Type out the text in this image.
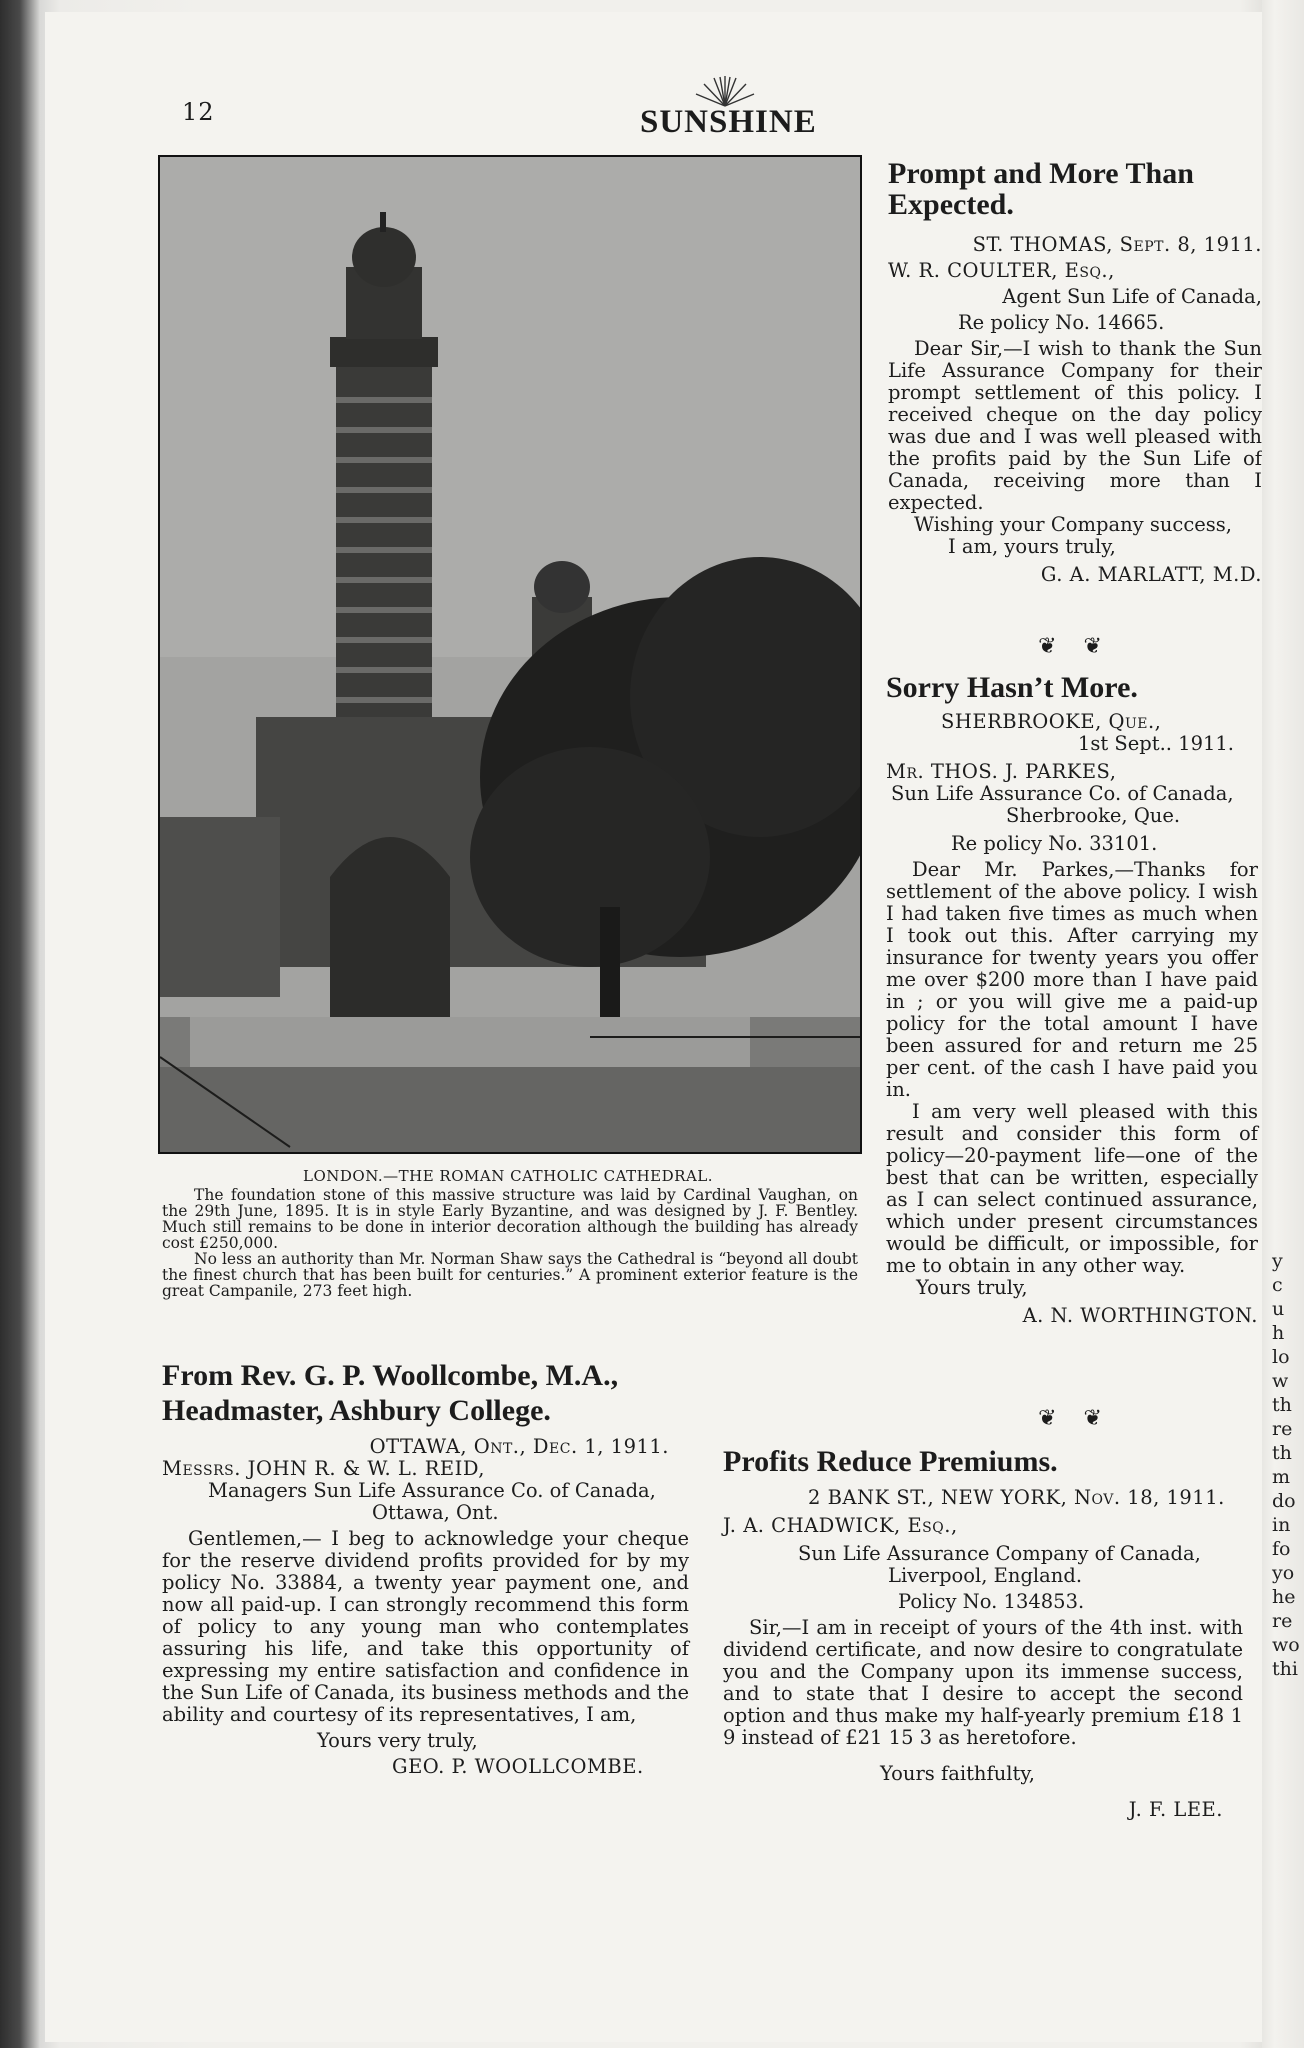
12	SUNSHINE
LONDON.—THE ROMAN CATHOLIC CATHEDRAL.

The foundation stone of this massive structure was laid by Cardinal Vaughan, on the 29th June, 1895. It is in style Early Byzantine, and was designed by J. F. Bentley. Much still remains to be done in interior decoration although the building has already cost £250,000.

No less an authority than Mr. Norman Shaw says the Cathedral is “beyond all doubt the finest church that has been built for centuries.” A prominent exterior feature is the great Campanile, 273 feet high.

Prompt and More Than Expected.

ST. THOMAS, Sept. 8, 1911.

W. R. COULTER, Esq.,

Agent Sun Life of Canada,

Re policy No. 14665.

Dear Sir,—I wish to thank the Sun Life Assurance Company for their prompt settlement of this policy. I received cheque on the day policy was due and I was well pleased with the profits paid by the Sun Life of Canada, receiving more than I expected.

Wishing your Company success,

I am, yours truly,

G. A. MARLATT, M.D.

❦ ❦
Sorry Hasn’t More.

SHERBROOKE, Que.,

1st Sept.. 1911.

Mr. THOS. J. PARKES,

Sun Life Assurance Co. of Canada,

Sherbrooke, Que.

Re policy No. 33101.

Dear Mr. Parkes,—Thanks for settlement of the above policy. I wish I had taken five times as much when I took out this. After carrying my insurance for twenty years you offer me over $200 more than I have paid in ; or you will give me a paid-up policy for the total amount I have been assured for and return me 25 per cent. of the cash I have paid you in.

I am very well pleased with this result and consider this form of policy—20-payment life—one of the best that can be written, especially as I can select continued assurance, which under present circumstances would be difficult, or impossible, for me to obtain in any other way.

Yours truly,

A. N. WORTHINGTON.

❦ ❦
From Rev. G. P. Woollcombe, M.A.,
Headmaster, Ashbury College.

OTTAWA, Ont., Dec. 1, 1911.

Messrs. JOHN R. & W. L. REID,

Managers Sun Life Assurance Co. of Canada,

Ottawa, Ont.

Gentlemen,— I beg to acknowledge your cheque for the reserve dividend profits provided for by my policy No. 33884, a twenty year payment one, and now all paid-up. I can strongly recommend this form of policy to any young man who contemplates assuring his life, and take this opportunity of expressing my entire satisfaction and confidence in the Sun Life of Canada, its business methods and the ability and courtesy of its representatives, I am,

Yours very truly,

GEO. P. WOOLLCOMBE.

Profits Reduce Premiums.

2 BANK ST., NEW YORK, Nov. 18, 1911.

J. A. CHADWICK, Esq.,

Sun Life Assurance Company of Canada,

Liverpool, England.

Policy No. 134853.

Sir,—I am in receipt of yours of the 4th inst. with dividend certificate, and now desire to congratulate you and the Company upon its immense success, and to state that I desire to accept the second option and thus make my half-yearly premium £18 1 9 instead of £21 15 3 as heretofore.

Yours faithfulty,

J. F. LEE.

y
c
u
h
lo
w
th
re
th
m
do
in
fo
yo
he
re
wo
thi
